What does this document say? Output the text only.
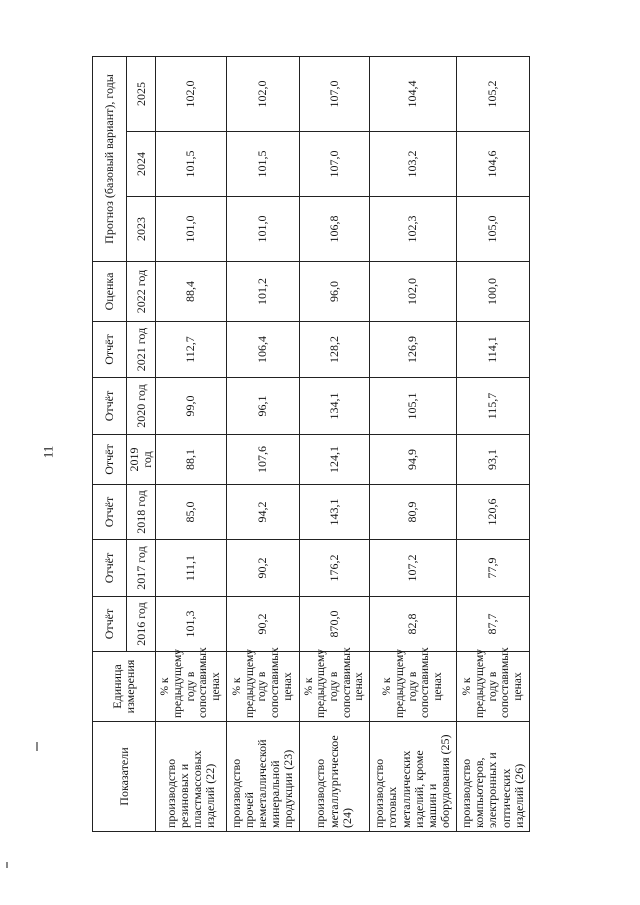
11
Показатели	Единица измерения	Отчёт	Отчёт	Отчёт	Отчёт	Отчёт	Отчёт	Оценка	Прогноз (базовый вариант), годы		
		2016 год	2017 год	2018 год	2019 год	2020 год	2021 год	2022 год	2023	2024	2025
производство резиновых и пластмассовых изделий (22)	% к предыдущему году в сопоставимых ценах	101,3	111,1	85,0	88,1	99,0	112,7	88,4	101,0	101,5	102,0
производство прочей неметаллической минеральной продукции (23)	% к предыдущему году в сопоставимых ценах	90,2	90,2	94,2	107,6	96,1	106,4	101,2	101,0	101,5	102,0
производство металлургическое (24)	% к предыдущему году в сопоставимых ценах	870,0	176,2	143,1	124,1	134,1	128,2	96,0	106,8	107,0	107,0
производство готовых металлических изделий, кроме машин и оборудования (25)	% к предыдущему году в сопоставимых ценах	82,8	107,2	80,9	94,9	105,1	126,9	102,0	102,3	103,2	104,4
производство компьютеров, электронных и оптических изделий (26)	% к предыдущему году в сопоставимых ценах	87,7	77,9	120,6	93,1	115,7	114,1	100,0	105,0	104,6	105,2
